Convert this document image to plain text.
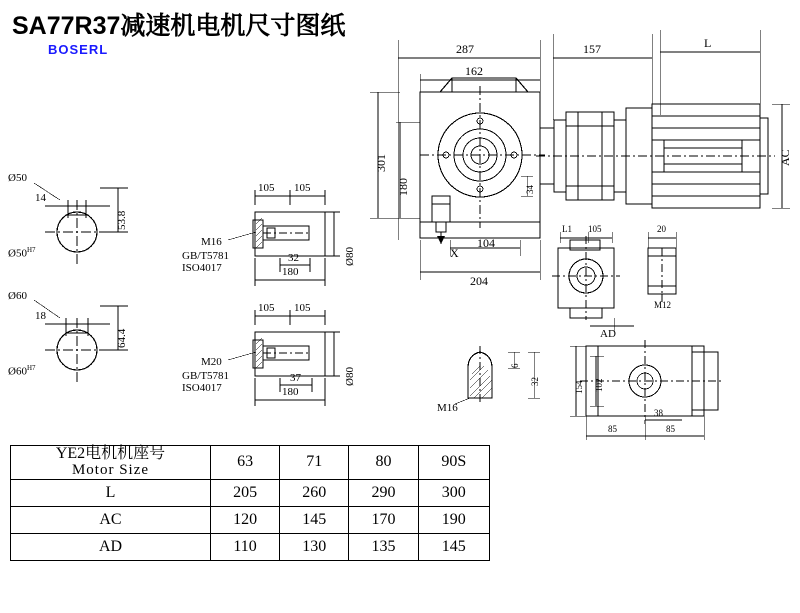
SA77R37减速机电机尺寸图纸
BOSERL
Ø50
$Ø50^{H7}$
14
53.8
Ø60
$Ø60^{H7}$
18
64.4
105 105
M16
GB/T5781
ISO4017
32
180
Ø80
105 105
M20
GB/T5781
ISO4017
37
180
Ø80
287
162
157	L
301
180	34
104
204
AC
X
L1 105	20
M12
AD
154 102
38
85	85
M16
6
32
YE2电机机座号
Motor Size	63	71	80	90S
L	205	260	290	300
AC	120	145	170	190
AD	110	130	135	145
